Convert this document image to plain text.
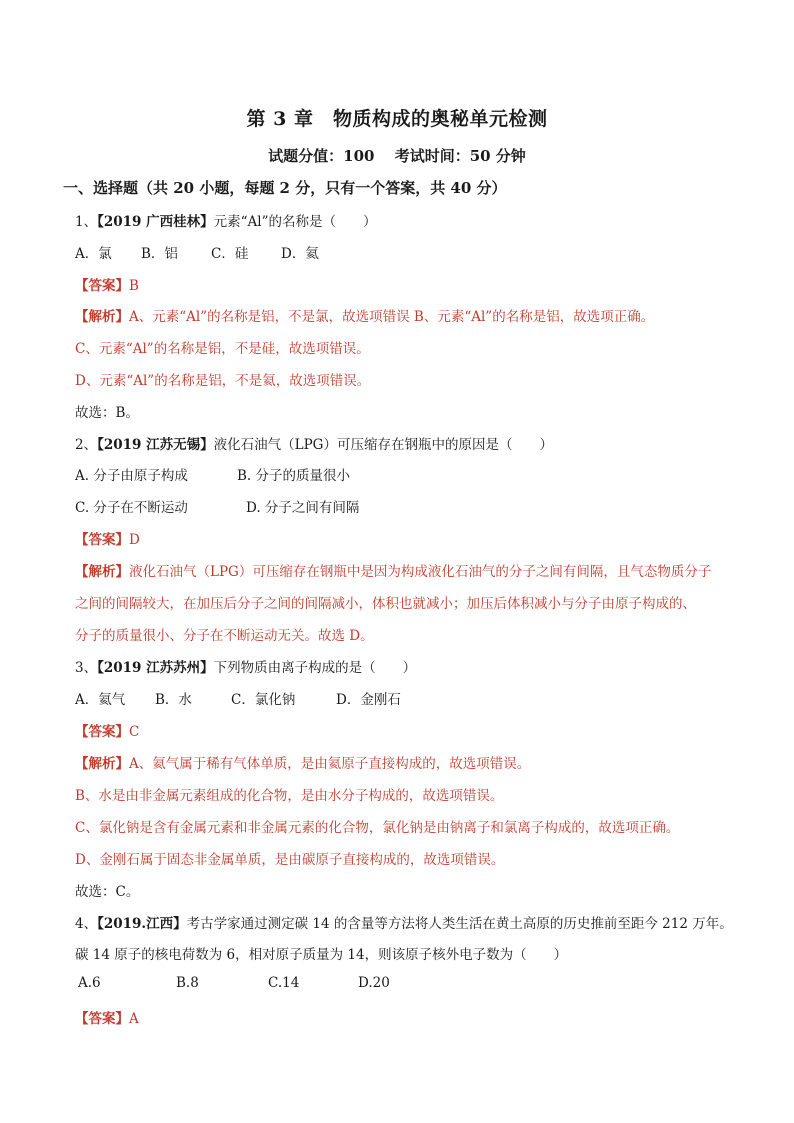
第 3 章　物质构成的奥秘单元检测
试题分值：100　 考试时间：50 分钟
一、选择题（共 20 小题，每题 2 分，只有一个答案，共 40 分）
1、【2019 广西桂林】元素“Al”的名称是（　　）
A．氯 B．铝 C．硅 D．氦
【答案】B
【解析】A、元素“Al”的名称是铝，不是氯，故选项错误 B、元素“Al”的名称是铝，故选项正确。
C、元素“Al”的名称是铝，不是硅，故选项错误。
D、元素“Al”的名称是铝，不是氦，故选项错误。
故选：B。
2、【2019 江苏无锡】液化石油气（LPG）可压缩存在钢瓶中的原因是（　　）
A. 分子由原子构成	B. 分子的质量很小
C. 分子在不断运动	D. 分子之间有间隔
【答案】D
【解析】液化石油气（LPG）可压缩存在钢瓶中是因为构成液化石油气的分子之间有间隔，且气态物质分子
之间的间隔较大，在加压后分子之间的间隔减小，体积也就减小；加压后体积减小与分子由原子构成的、
分子的质量很小、分子在不断运动无关。故选 D。
3、【2019 江苏苏州】下列物质由离子构成的是（　　）
A．氦气 B．水	C．氯化钠	D．金刚石
【答案】C
【解析】A、氦气属于稀有气体单质，是由氦原子直接构成的，故选项错误。
B、水是由非金属元素组成的化合物，是由水分子构成的，故选项错误。
C、氯化钠是含有金属元素和非金属元素的化合物，氯化钠是由钠离子和氯离子构成的，故选项正确。
D、金刚石属于固态非金属单质，是由碳原子直接构成的，故选项错误。
故选：C。
4、【2019.江西】考古学家通过测定碳 14 的含量等方法将人类生活在黄土高原的历史推前至距今 212 万年。
碳 14 原子的核电荷数为 6，相对原子质量为 14，则该原子核外电子数为（　　）
A.6	B.8	C.14	D.20
【答案】A
